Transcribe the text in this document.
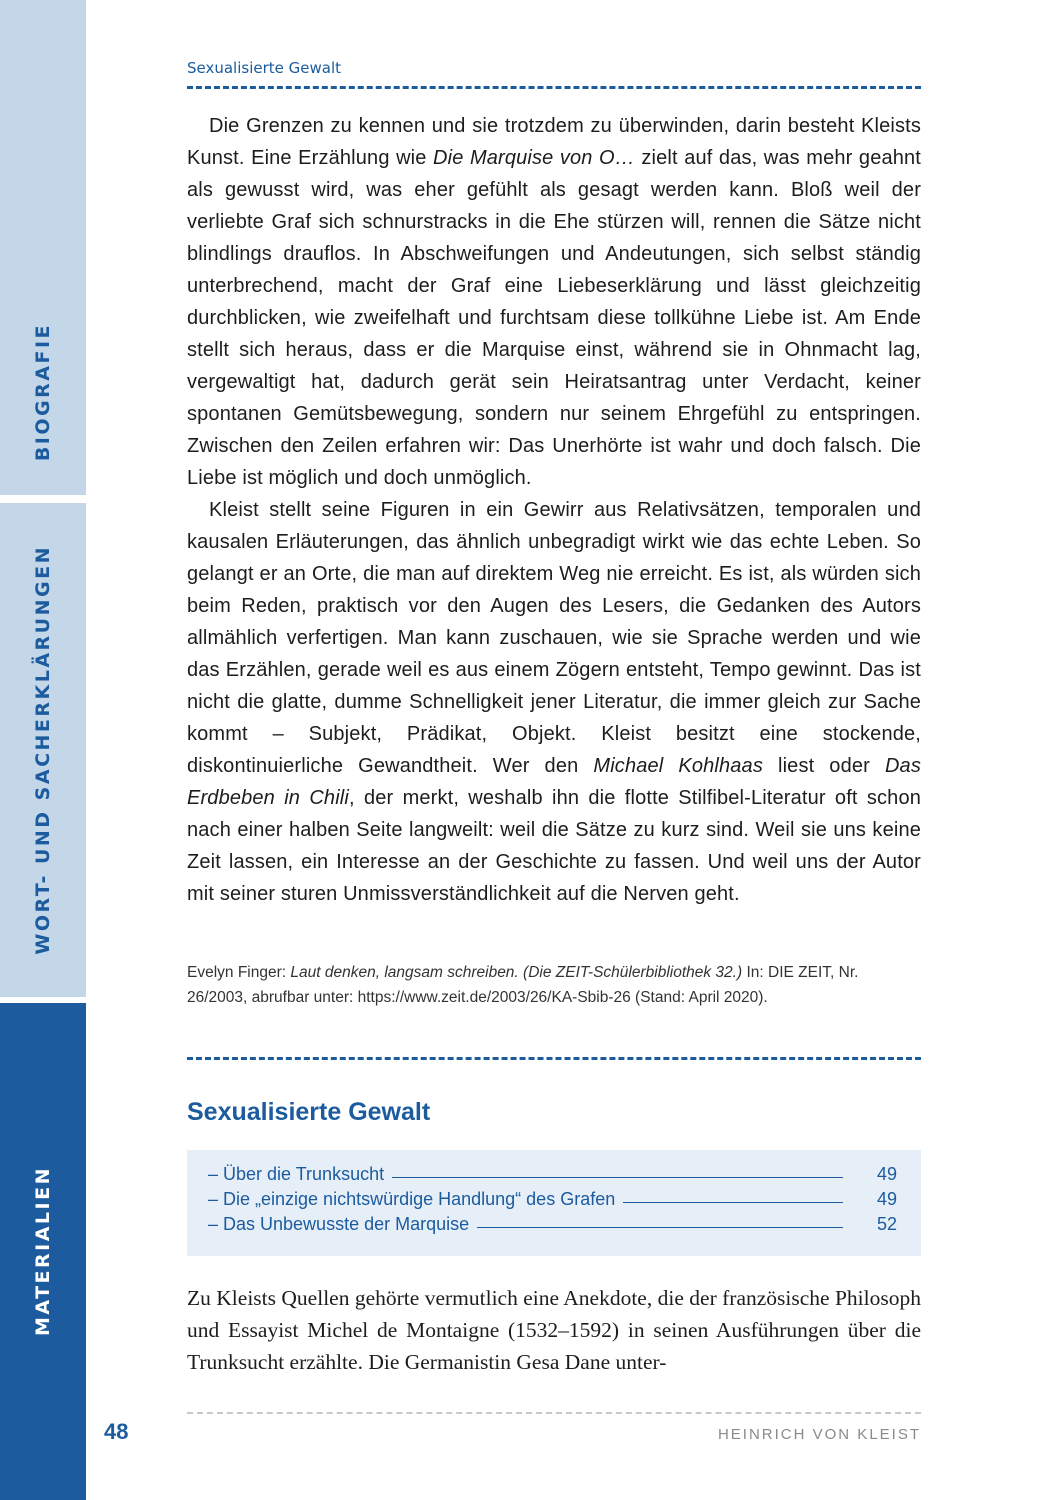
BIOGRAFIE
WORT- UND SACHERKLÄRUNGEN
MATERIALIEN
Sexualisierte Gewalt

Die Grenzen zu kennen und sie trotzdem zu überwinden, darin besteht Kleists Kunst. Eine Erzählung wie Die Marquise von O… zielt auf das, was mehr geahnt als gewusst wird, was eher gefühlt als gesagt werden kann. Bloß weil der verliebte Graf sich schnurstracks in die Ehe stürzen will, rennen die Sätze nicht blindlings drauflos. In Abschweifungen und Andeutungen, sich selbst ständig unterbrechend, macht der Graf eine Liebeserklärung und lässt gleichzeitig durchblicken, wie zweifelhaft und furchtsam diese tollkühne Liebe ist. Am Ende stellt sich heraus, dass er die Marquise einst, während sie in Ohnmacht lag, vergewaltigt hat, dadurch gerät sein Heiratsantrag unter Verdacht, keiner spontanen Gemütsbewegung, sondern nur seinem Ehrgefühl zu entspringen. Zwischen den Zeilen erfahren wir: Das Unerhörte ist wahr und doch falsch. Die Liebe ist möglich und doch unmöglich.

Kleist stellt seine Figuren in ein Gewirr aus Relativsätzen, temporalen und kausalen Erläuterungen, das ähnlich unbegradigt wirkt wie das echte Leben. So gelangt er an Orte, die man auf direktem Weg nie erreicht. Es ist, als würden sich beim Reden, praktisch vor den Augen des Lesers, die Gedanken des Autors allmählich verfertigen. Man kann zuschauen, wie sie Sprache werden und wie das Erzählen, gerade weil es aus einem Zögern entsteht, Tempo gewinnt. Das ist nicht die glatte, dumme Schnelligkeit jener Literatur, die immer gleich zur Sache kommt – Subjekt, Prädikat, Objekt. Kleist besitzt eine stockende, diskontinuierliche Gewandtheit. Wer den Michael Kohlhaas liest oder Das Erdbeben in Chili, der merkt, weshalb ihn die flotte Stilfibel-Literatur oft schon nach einer halben Seite langweilt: weil die Sätze zu kurz sind. Weil sie uns keine Zeit lassen, ein Interesse an der Geschichte zu fassen. Und weil uns der Autor mit seiner sturen Unmissverständlichkeit auf die Nerven geht.

Evelyn Finger: Laut denken, langsam schreiben. (Die ZEIT-Schülerbibliothek 32.) In: DIE ZEIT, Nr. 26/2003, abrufbar unter: https://www.zeit.de/2003/26/KA-Sbib-26 (Stand: April 2020).
Sexualisierte Gewalt
– Über die Trunksucht	49
– Die „einzige nichtswürdige Handlung“ des Grafen	49
– Das Unbewusste der Marquise	52

Zu Kleists Quellen gehörte vermutlich eine Anekdote, die der französische Philosoph und Essayist Michel de Montaigne (1532–1592) in seinen Ausführungen über die Trunksucht erzählte. Die Germanistin Gesa Dane unter-

48	HEINRICH VON KLEIST
